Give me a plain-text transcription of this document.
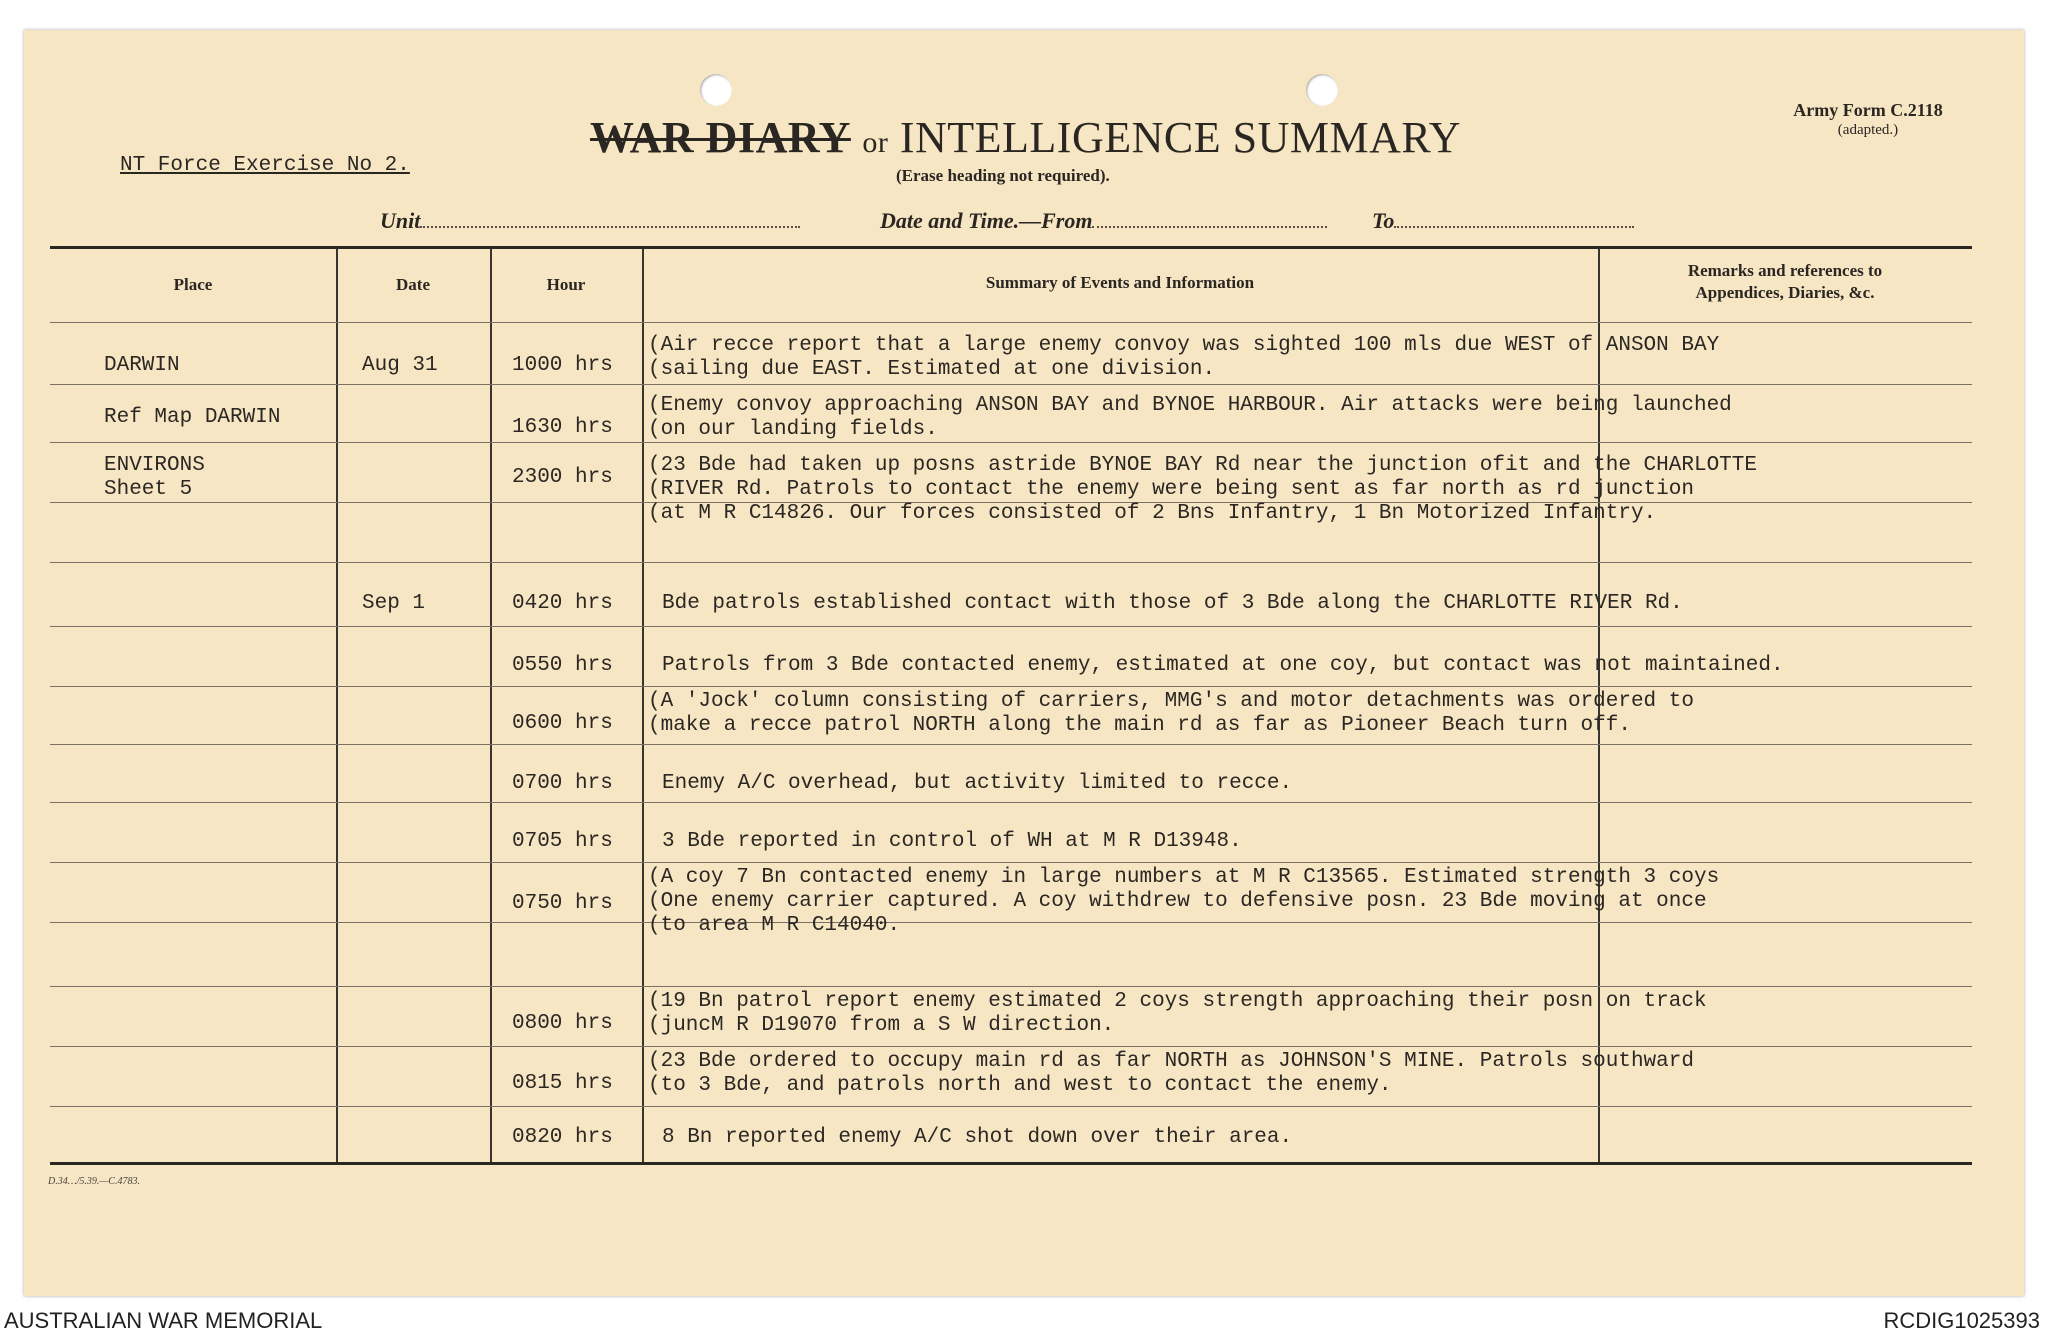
WAR DIARY or INTELLIGENCE SUMMARY
(Erase heading not required).
Army Form C.2118
(adapted.)
NT Force Exercise No 2.
Unit	Date and Time.—From	To
Place	Date	Hour	Summary of Events and Information
Remarks and references to
Appendices, Diaries, &c.
DARWIN	Aug 31	1000 hrs
(Air recce report that a large enemy convoy was sighted 100 mls due WEST of ANSON BAY
(sailing due EAST. Estimated at one division.
Ref Map DARWIN	1630 hrs
(Enemy convoy approaching ANSON BAY and BYNOE HARBOUR. Air attacks were being launched
(on our landing fields.
ENVIRONS
Sheet 5
2300 hrs
(23 Bde had taken up posns astride BYNOE BAY Rd near the junction ofit and the CHARLOTTE
(RIVER Rd. Patrols to contact the enemy were being sent as far north as rd junction
(at M R C14826. Our forces consisted of 2 Bns Infantry, 1 Bn Motorized Infantry.
Sep 1	0420 hrs Bde patrols established contact with those of 3 Bde along the CHARLOTTE RIVER Rd.
0550 hrs Patrols from 3 Bde contacted enemy, estimated at one coy, but contact was not maintained.
0600 hrs
(A 'Jock' column consisting of carriers, MMG's and motor detachments was ordered to
(make a recce patrol NORTH along the main rd as far as Pioneer Beach turn off.
0700 hrs Enemy A/C overhead, but activity limited to recce.
0705 hrs 3 Bde reported in control of WH at M R D13948.
0750 hrs
(A coy 7 Bn contacted enemy in large numbers at M R C13565. Estimated strength 3 coys
(One enemy carrier captured. A coy withdrew to defensive posn. 23 Bde moving at once
(to area M R C14040.
0800 hrs
(19 Bn patrol report enemy estimated 2 coys strength approaching their posn on track
(juncM R D19070 from a S W direction.
0815 hrs
(23 Bde ordered to occupy main rd as far NORTH as JOHNSON'S MINE. Patrols southward
(to 3 Bde, and patrols north and west to contact the enemy.
0820 hrs 8 Bn reported enemy A/C shot down over their area.
D.34…/5.39.—C.4783.
AUSTRALIAN WAR MEMORIAL	RCDIG1025393
